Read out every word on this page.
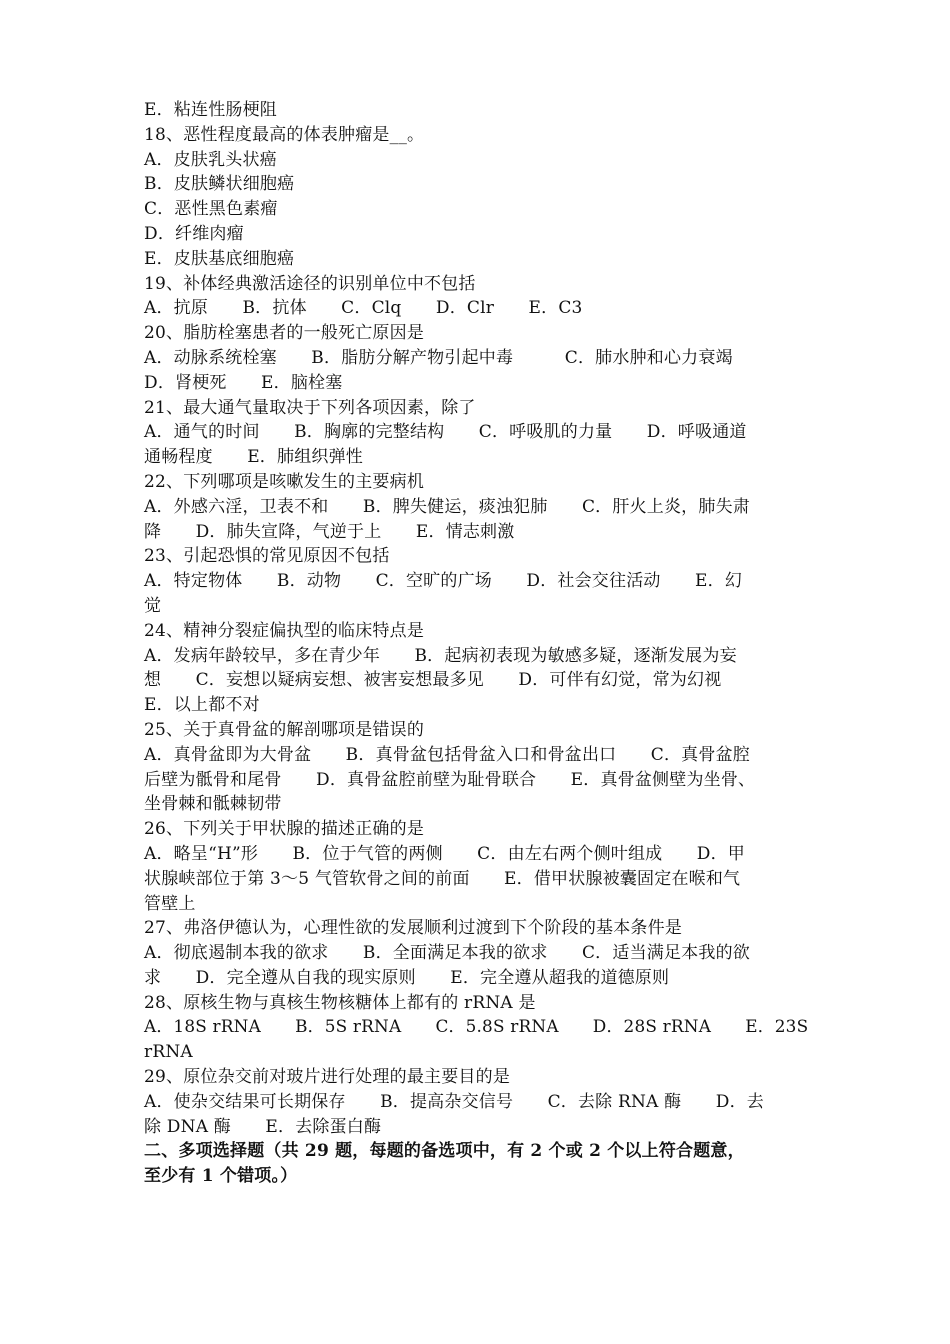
E．粘连性肠梗阻
18、恶性程度最高的体表肿瘤是__。
A．皮肤乳头状癌
B．皮肤鳞状细胞癌
C．恶性黑色素瘤
D．纤维肉瘤
E．皮肤基底细胞癌
19、补体经典激活途径的识别单位中不包括
A．抗原　　B．抗体　　C．Clq　　D．Clr　　E．C3
20、脂肪栓塞患者的一般死亡原因是
A．动脉系统栓塞　　B．脂肪分解产物引起中毒　　　C．肺水肿和心力衰竭
D．肾梗死　　E．脑栓塞
21、最大通气量取决于下列各项因素，除了
A．通气的时间　　B．胸廓的完整结构　　C．呼吸肌的力量　　D．呼吸通道
通畅程度　　E．肺组织弹性
22、下列哪项是咳嗽发生的主要病机
A．外感六淫，卫表不和　　B．脾失健运，痰浊犯肺　　C．肝火上炎，肺失肃
降　　D．肺失宣降，气逆于上　　E．情志刺激
23、引起恐惧的常见原因不包括
A．特定物体　　B．动物　　C．空旷的广场　　D．社会交往活动　　E．幻
觉
24、精神分裂症偏执型的临床特点是
A．发病年龄较早，多在青少年　　B．起病初表现为敏感多疑，逐渐发展为妄
想　　C．妄想以疑病妄想、被害妄想最多见　　D．可伴有幻觉，常为幻视
E．以上都不对
25、关于真骨盆的解剖哪项是错误的
A．真骨盆即为大骨盆　　B．真骨盆包括骨盆入口和骨盆出口　　C．真骨盆腔
后壁为骶骨和尾骨　　D．真骨盆腔前壁为耻骨联合　　E．真骨盆侧壁为坐骨、
坐骨棘和骶棘韧带
26、下列关于甲状腺的描述正确的是
A．略呈“H”形　　B．位于气管的两侧　　C．由左右两个侧叶组成　　D．甲
状腺峡部位于第 3～5 气管软骨之间的前面　　E．借甲状腺被囊固定在喉和气
管壁上
27、弗洛伊德认为，心理性欲的发展顺利过渡到下个阶段的基本条件是
A．彻底遏制本我的欲求　　B．全面满足本我的欲求　　C．适当满足本我的欲
求　　D．完全遵从自我的现实原则　　E．完全遵从超我的道德原则
28、原核生物与真核生物核糖体上都有的 rRNA 是
A．18S rRNA　　B．5S rRNA　　C．5.8S rRNA　　D．28S rRNA　　E．23S
rRNA
29、原位杂交前对玻片进行处理的最主要目的是
A．使杂交结果可长期保存　　B．提高杂交信号　　C．去除 RNA 酶　　D．去
除 DNA 酶　　E．去除蛋白酶
二、多项选择题（共 29 题，每题的备选项中，有 2 个或 2 个以上符合题意，
至少有 1 个错项。）
